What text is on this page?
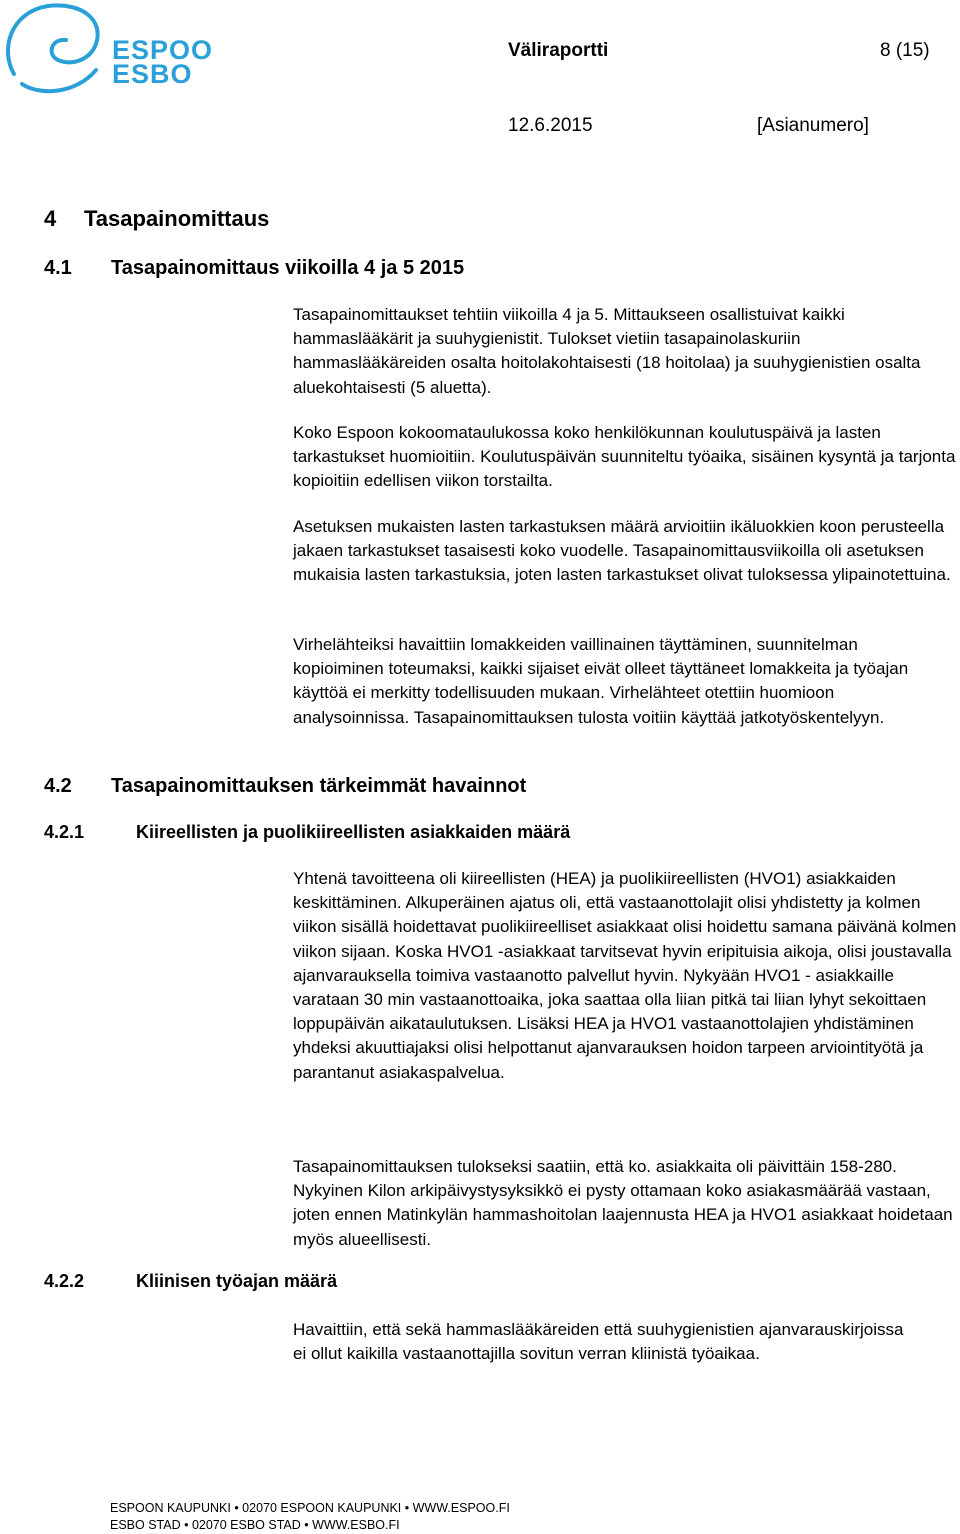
ESPOO
ESBO
Väliraportti	8 (15)
12.6.2015	[Asianumero]
4 Tasapainomittaus
4.1 Tasapainomittaus viikoilla 4 ja 5 2015

Tasapainomittaukset tehtiin viikoilla 4 ja 5. Mittaukseen osallistuivat kaikki hammaslääkärit ja suuhygienistit. Tulokset vietiin tasapainolaskuriin hammaslääkäreiden osalta hoitolakohtaisesti (18 hoitolaa) ja suuhygienistien osalta aluekohtaisesti (5 aluetta).

Koko Espoon kokoomataulukossa koko henkilökunnan koulutuspäivä ja lasten tarkastukset huomioitiin. Koulutuspäivän suunniteltu työaika, sisäinen kysyntä ja tarjonta kopioitiin edellisen viikon torstailta.

Asetuksen mukaisten lasten tarkastuksen määrä arvioitiin ikäluokkien koon perusteella jakaen tarkastukset tasaisesti koko vuodelle. Tasapainomittausviikoilla oli asetuksen mukaisia lasten tarkastuksia, joten lasten tarkastukset olivat tuloksessa ylipainotettuina.

Virhelähteiksi havaittiin lomakkeiden vaillinainen täyttäminen, suunnitelman kopioiminen toteumaksi, kaikki sijaiset eivät olleet täyttäneet lomakkeita ja työajan käyttöä ei merkitty todellisuuden mukaan. Virhelähteet otettiin huomioon analysoinnissa. Tasapainomittauksen tulosta voitiin käyttää jatkotyöskentelyyn.

4.2 Tasapainomittauksen tärkeimmät havainnot
4.2.1	Kiireellisten ja puolikiireellisten asiakkaiden määrä

Yhtenä tavoitteena oli kiireellisten (HEA) ja puolikiireellisten (HVO1) asiakkaiden keskittäminen. Alkuperäinen ajatus oli, että vastaanottolajit olisi yhdistetty ja kolmen viikon sisällä hoidettavat puolikiireelliset asiakkaat olisi hoidettu samana päivänä kolmen viikon sijaan. Koska HVO1 -asiakkaat tarvitsevat hyvin eripituisia aikoja, olisi joustavalla ajanvarauksella toimiva vastaanotto palvellut hyvin. Nykyään HVO1 - asiakkaille varataan 30 min vastaanottoaika, joka saattaa olla liian pitkä tai liian lyhyt sekoittaen loppupäivän aikataulutuksen. Lisäksi HEA ja HVO1 vastaanottolajien yhdistäminen yhdeksi akuuttiajaksi olisi helpottanut ajanvarauksen hoidon tarpeen arviointityötä ja parantanut asiakaspalvelua.

Tasapainomittauksen tulokseksi saatiin, että ko. asiakkaita oli päivittäin 158-280. Nykyinen Kilon arkipäivystysyksikkö ei pysty ottamaan koko asiakasmäärää vastaan, joten ennen Matinkylän hammashoitolan laajennusta HEA ja HVO1 asiakkaat hoidetaan myös alueellisesti.

4.2.2	Kliinisen työajan määrä

Havaittiin, että sekä hammaslääkäreiden että suuhygienistien ajanvarauskirjoissa ei ollut kaikilla vastaanottajilla sovitun verran kliinistä työaikaa.

ESPOON KAUPUNKI • 02070 ESPOON KAUPUNKI • WWW.ESPOO.FI
ESBO STAD • 02070 ESBO STAD • WWW.ESBO.FI
